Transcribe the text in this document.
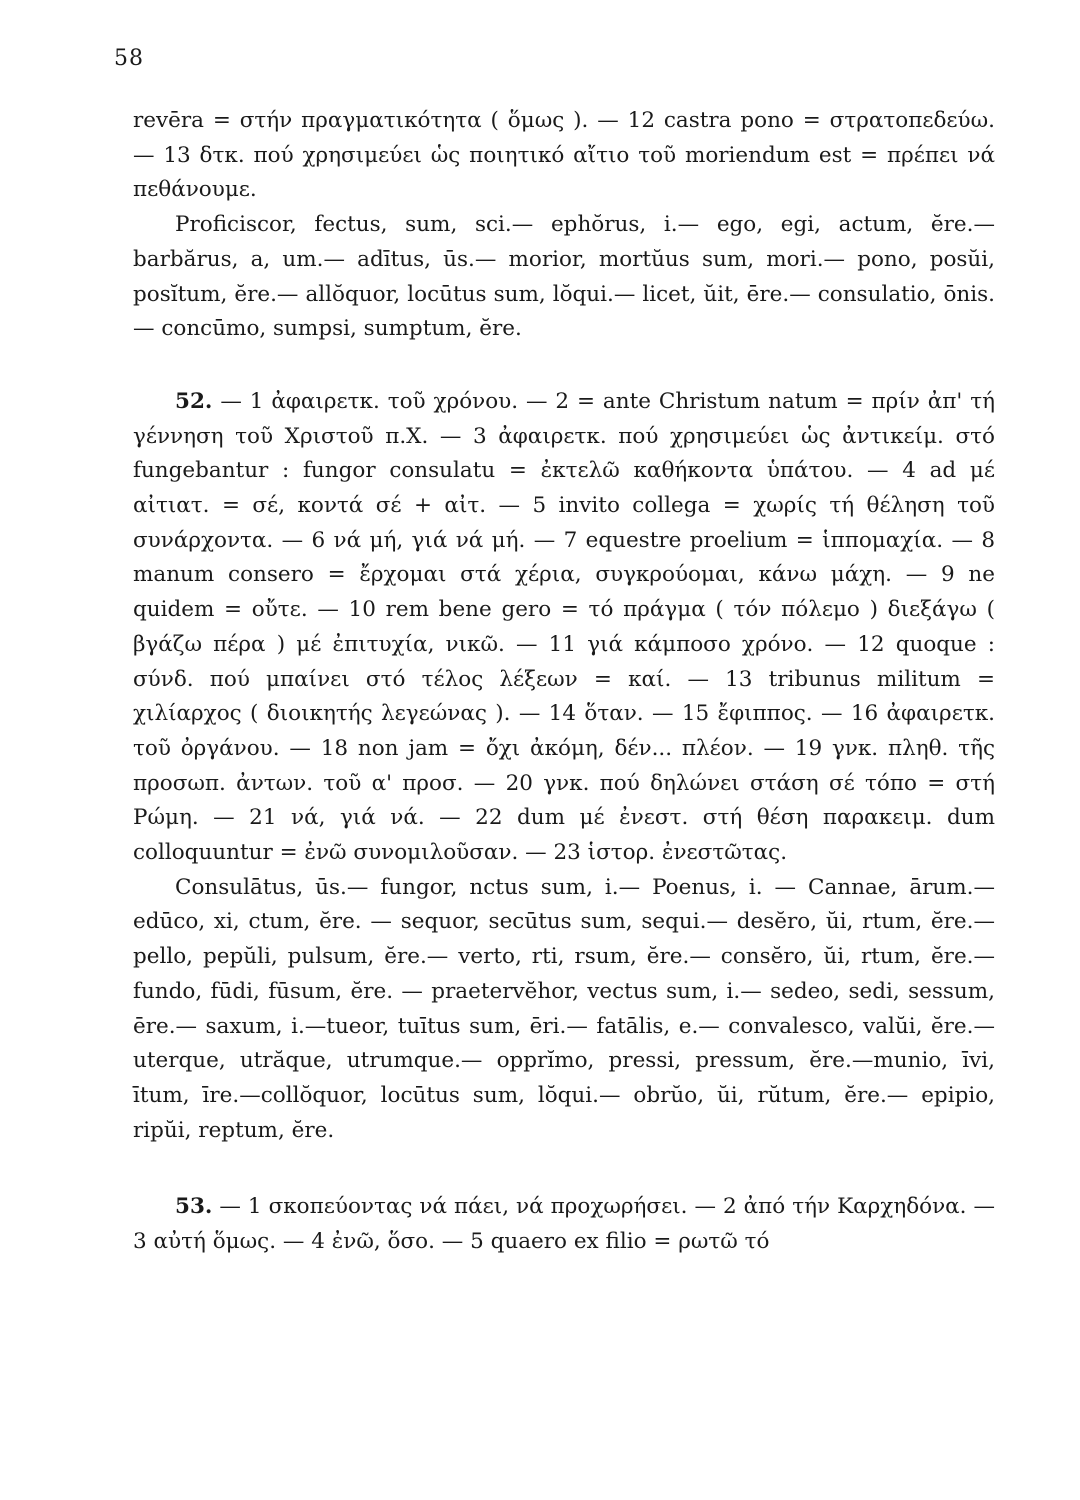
58

revēra = στήν πραγματικότητα ( ὅμως ). — 12 castra pono = στρατοπεδεύω. — 13 δτκ. πού χρησιμεύει ὡς ποιητικό αἴτιο τοῦ moriendum est = πρέπει νά πεθάνουμε.

Proficiscor, fectus, sum, sci.— ephŏrus, i.— ego, egi, actum, ĕre.— barbărus, a, um.— adītus, ūs.— morior, mortŭus sum, mori.— pono, posŭi, posĭtum, ĕre.— allŏquor, locūtus sum, lŏqui.— licet, ŭit, ēre.— consulatio, ōnis.— concūmo, sumpsi, sumptum, ĕre.

52. — 1 ἀφαιρετκ. τοῦ χρόνου. — 2 = ante Christum natum = πρίν ἀπ' τή γέννηση τοῦ Χριστοῦ π.Χ. — 3 ἀφαιρετκ. πού χρησιμεύει ὡς ἀντικείμ. στό fungebantur : fungor consulatu = ἐκτελῶ καθήκοντα ὑπάτου. — 4 ad μέ αἰτιατ. = σέ, κοντά σέ + αἰτ. — 5 invito collega = χωρίς τή θέληση τοῦ συνάρχοντα. — 6 νά μή, γιά νά μή. — 7 equestre proelium = ἱππομαχία. — 8 manum consero = ἔρχομαι στά χέρια, συγκρούομαι, κάνω μάχη. — 9 ne quidem = οὔτε. — 10 rem bene gero = τό πράγμα ( τόν πόλεμο ) διεξάγω ( βγάζω πέρα ) μέ ἐπιτυχία, νικῶ. — 11 γιά κάμποσο χρόνο. — 12 quoque : σύνδ. πού μπαίνει στό τέλος λέξεων = καί. — 13 tribunus militum = χιλίαρχος ( διοικητής λεγεώνας ). — 14 ὅταν. — 15 ἔφιππος. — 16 ἀφαιρετκ. τοῦ ὀργάνου. — 18 non jam = ὄχι ἀκόμη, δέν... πλέον. — 19 γνκ. πληθ. τῆς προσωπ. ἀντων. τοῦ α' προσ. — 20 γνκ. πού δηλώνει στάση σέ τόπο = στή Ρώμη. — 21 νά, γιά νά. — 22 dum μέ ἐνεστ. στή θέση παρακειμ. dum colloquuntur = ἐνῶ συνομιλοῦσαν. — 23 ἱστορ. ἐνεστῶτας.

Consulātus, ūs.— fungor, nctus sum, i.— Poenus, i. — Cannae, ārum.— edūco, xi, ctum, ĕre. — sequor, secūtus sum, sequi.— desĕro, ŭi, rtum, ĕre.— pello, pepŭli, pulsum, ĕre.— verto, rti, rsum, ĕre.— consĕro, ŭi, rtum, ĕre.— fundo, fūdi, fūsum, ĕre. — praetervĕhor, vectus sum, i.— sedeo, sedi, sessum, ēre.— saxum, i.—tueor, tuītus sum, ēri.— fatālis, e.— convalesco, valŭi, ĕre.— uterque, utrăque, utrumque.— opprĭmo, pressi, pressum, ĕre.—munio, īvi, ītum, īre.—collŏquor, locūtus sum, lŏqui.— obrŭo, ŭi, rŭtum, ĕre.— epipio, ripŭi, reptum, ĕre.

53. — 1 σκοπεύοντας νά πάει, νά προχωρήσει. — 2 ἀπό τήν Καρχηδόνα. — 3 αὐτή ὅμως. — 4 ἐνῶ, ὅσο. — 5 quaero ex filio = ρωτῶ τό
